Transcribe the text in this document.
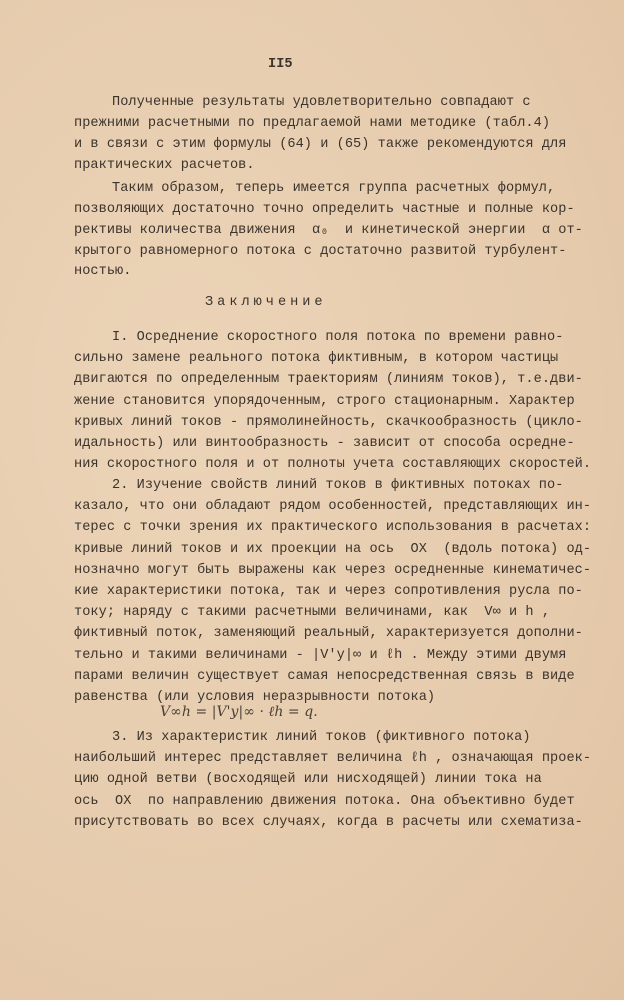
II5
Полученные результаты удовлетворительно совпадают с
прежними расчетными по предлагаемой нами методике (табл.4)
и в связи с этим формулы (64) и (65) также рекомендуются для
практических расчетов.
Таким образом, теперь имеется группа расчетных формул,
позволяющих достаточно точно определить частные и полные кор-
рективы количества движения  α₀  и кинетической энергии  α от-
крытого равномерного потока с достаточно развитой турбулент-
ностью.
Заключение
I. Осреднение скоростного поля потока по времени равно-
сильно замене реального потока фиктивным, в котором частицы
двигаются по определенным траекториям (линиям токов), т.е.дви-
жение становится упорядоченным, строго стационарным. Характер
кривых линий токов - прямолинейность, скачкообразность (цикло-
идальность) или винтообразность - зависит от способа осредне-
ния скоростного поля и от полноты учета составляющих скоростей.
2. Изучение свойств линий токов в фиктивных потоках по-
казало, что они обладают рядом особенностей, представляющих ин-
терес с точки зрения их практического использования в расчетах:
кривые линий токов и их проекции на ось  OX  (вдоль потока) од-
нозначно могут быть выражены как через осредненные кинематичес-
кие характеристики потока, так и через сопротивления русла по-
току; наряду с такими расчетными величинами, как  V∞ и h ,
фиктивный поток, заменяющий реальный, характеризуется дополни-
тельно и такими величинами - |V'y|∞ и ℓh . Между этими двумя
парами величин существует самая непосредственная связь в виде
равенства (или условия неразрывности потока)
3. Из характеристик линий токов (фиктивного потока)
наибольший интерес представляет величина ℓh , означающая проек-
цию одной ветви (восходящей или нисходящей) линии тока на
ось  OX  по направлению движения потока. Она объективно будет
присутствовать во всех случаях, когда в расчеты или схематиза-
V∞h = |V'y|∞ · ℓh = q.
